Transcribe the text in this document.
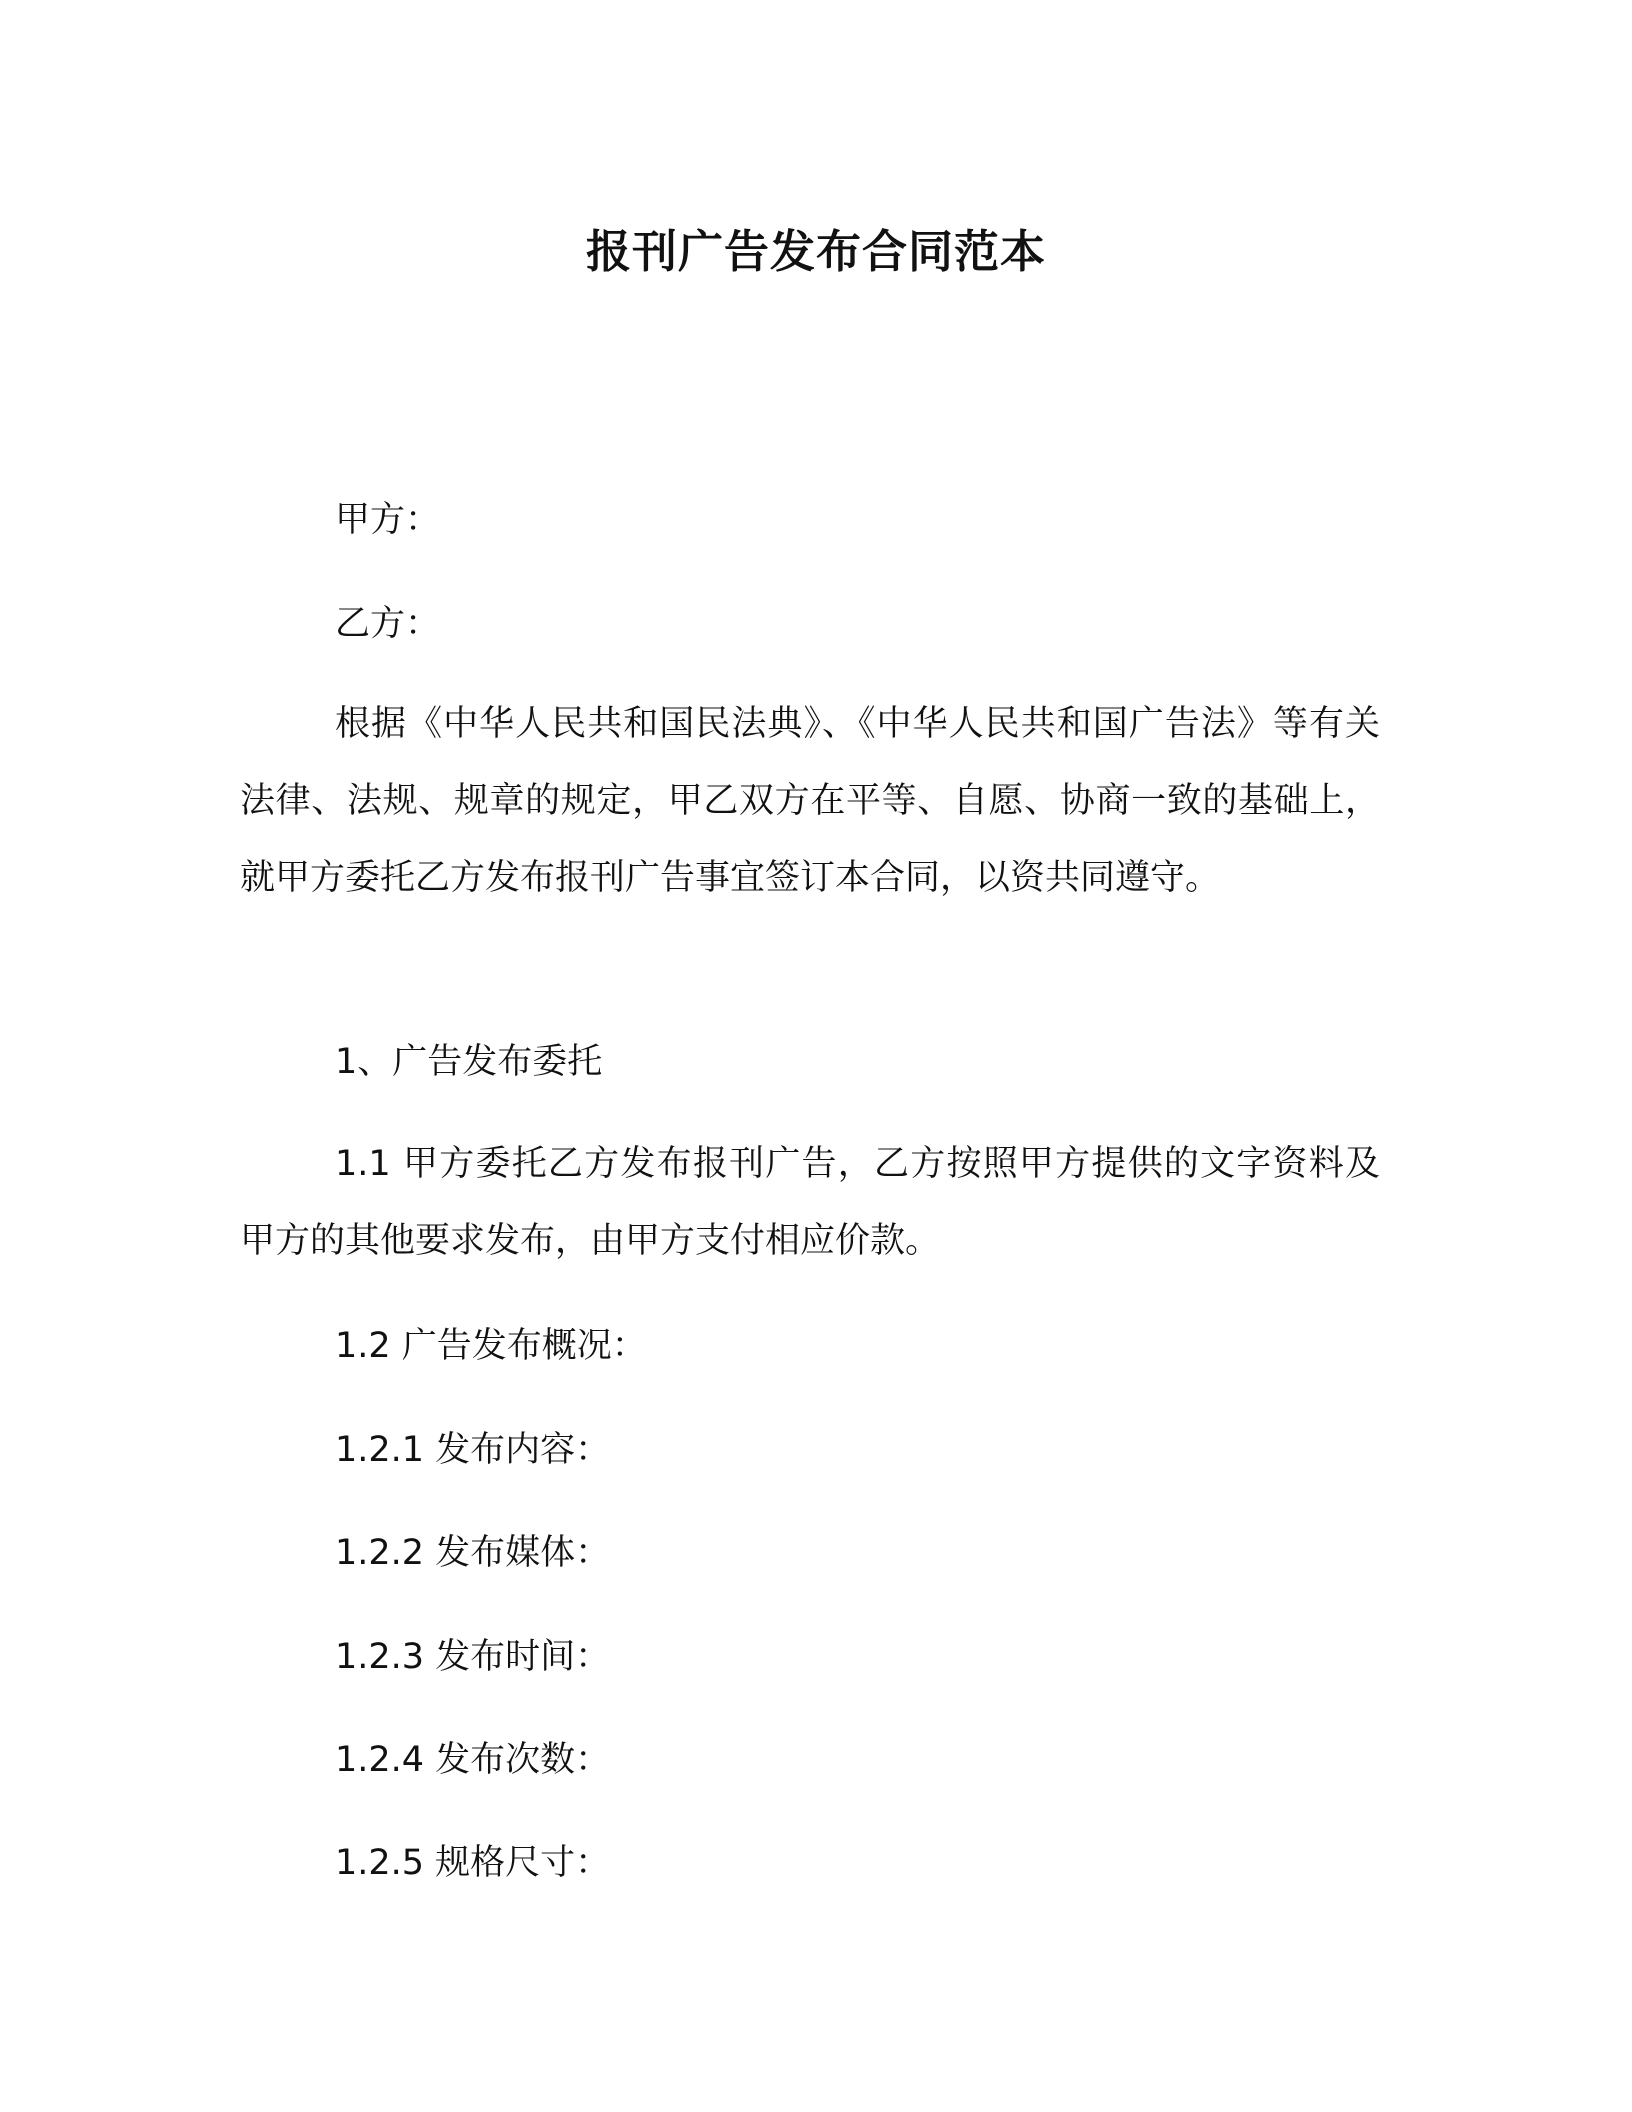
报刊广告发布合同范本
甲方：
乙方：

根据《中华人民共和国民法典》、《中华人民共和国广告法》等有关法律、法规、规章的规定，甲乙双方在平等、自愿、协商一致的基础上，就甲方委托乙方发布报刊广告事宜签订本合同，以资共同遵守。

1、广告发布委托

1.1 甲方委托乙方发布报刊广告，乙方按照甲方提供的文字资料及甲方的其他要求发布，由甲方支付相应价款。

1.2 广告发布概况：
1.2.1 发布内容：
1.2.2 发布媒体：
1.2.3 发布时间：
1.2.4 发布次数：
1.2.5 规格尺寸：
